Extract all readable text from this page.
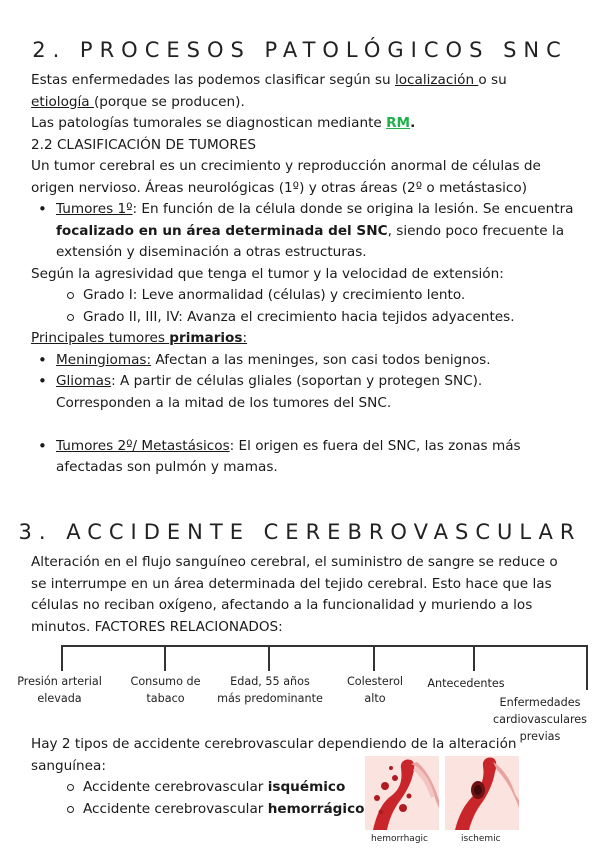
2. PROCESOS PATOLÓGICOS SNC

Estas enfermedades las podemos clasificar según su localización o su
etiología (porque se producen).

Las patologías tumorales se diagnostican mediante RM.

2.2 CLASIFICACIÓN DE TUMORES

Un tumor cerebral es un crecimiento y reproducción anormal de células de origen nervioso. Áreas neurológicas (1º) y otras áreas (2º o metástasico)

• Tumores 1º: En función de la célula donde se origina la lesión. Se encuentra focalizado en un área determinada del SNC, siendo poco frecuente la extensión y diseminación a otras estructuras.

Según la agresividad que tenga el tumor y la velocidad de extensión:

Grado I: Leve anormalidad (células) y crecimiento lento.
Grado II, III, IV: Avanza el crecimiento hacia tejidos adyacentes.

Principales tumores primarios:

• Meningiomas: Afectan a las meninges, son casi todos benignos.
• Gliomas: A partir de células gliales (soportan y protegen SNC). Corresponden a la mitad de los tumores del SNC.
• Tumores 2º/ Metastásicos: El origen es fuera del SNC, las zonas más afectadas son pulmón y mamas.
3. ACCIDENTE CEREBROVASCULAR

Alteración en el flujo sanguíneo cerebral, el suministro de sangre se reduce o se interrumpe en un área determinada del tejido cerebral. Esto hace que las células no reciban oxígeno, afectando a la funcionalidad y muriendo a los minutos. FACTORES RELACIONADOS:

Presión arterial
elevada
Consumo de
tabaco
Edad, 55 años
más predominante
Colesterol
alto
Antecedentes
Enfermedades
cardiovasculares
previas

Hay 2 tipos de accidente cerebrovascular dependiendo de la alteración sanguínea:

Accidente cerebrovascular isquémico
Accidente cerebrovascular hemorrágico
hemorrhagic	ischemic
